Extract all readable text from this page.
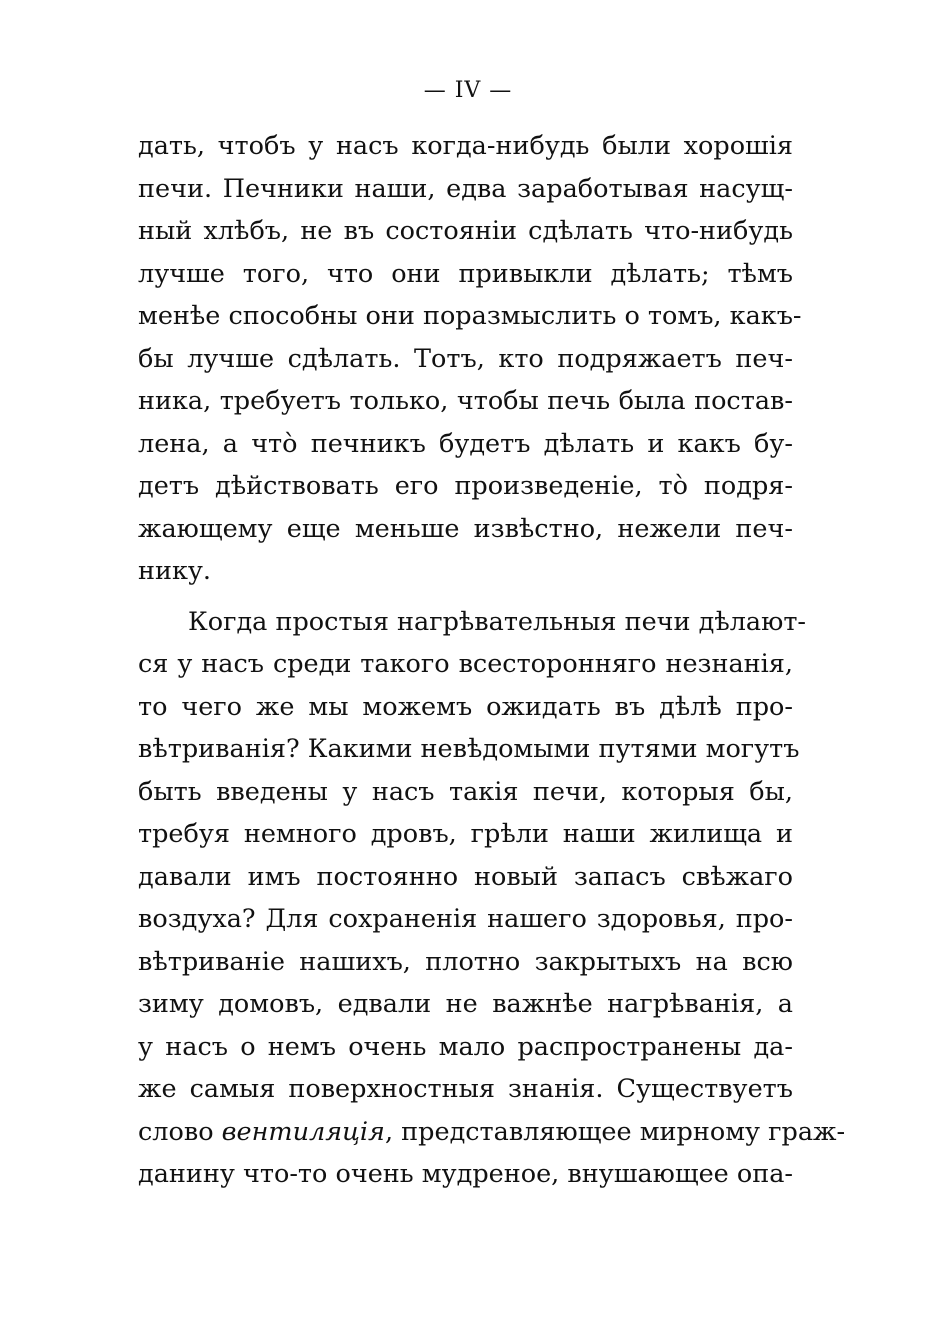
— IV —
дать, чтобъ у насъ когда-нибудь были хорошія
печи. Печники наши, едва заработывая насущ-
ный хлѣбъ, не въ состояніи сдѣлать что-нибудь
лучше того, что они привыкли дѣлать; тѣмъ
менѣе способны они поразмыслить о томъ, какъ-
бы лучше сдѣлать. Тотъ, кто подряжаетъ печ-
ника, требуетъ только, чтобы печь была постав-
лена, а что̀ печникъ будетъ дѣлать и какъ бу-
детъ дѣйствовать его произведеніе, то̀ подря-
жающему еще меньше извѣстно, нежели печ-
нику.
Когда простыя нагрѣвательныя печи дѣлают-
ся у насъ среди такого всесторонняго незнанія,
то чего же мы можемъ ожидать въ дѣлѣ про-
вѣтриванія? Какими невѣдомыми путями могутъ
быть введены у насъ такія печи, которыя бы,
требуя немного дровъ, грѣли наши жилища и
давали имъ постоянно новый запасъ свѣжаго
воздуха? Для сохраненія нашего здоровья, про-
вѣтриваніе нашихъ, плотно закрытыхъ на всю
зиму домовъ, едвали не важнѣе нагрѣванія, а
у насъ о немъ очень мало распространены да-
же самыя поверхностныя знанія. Существуетъ
слово вентиляція, представляющее мирному граж-
данину что-то очень мудреное, внушающее опа-
